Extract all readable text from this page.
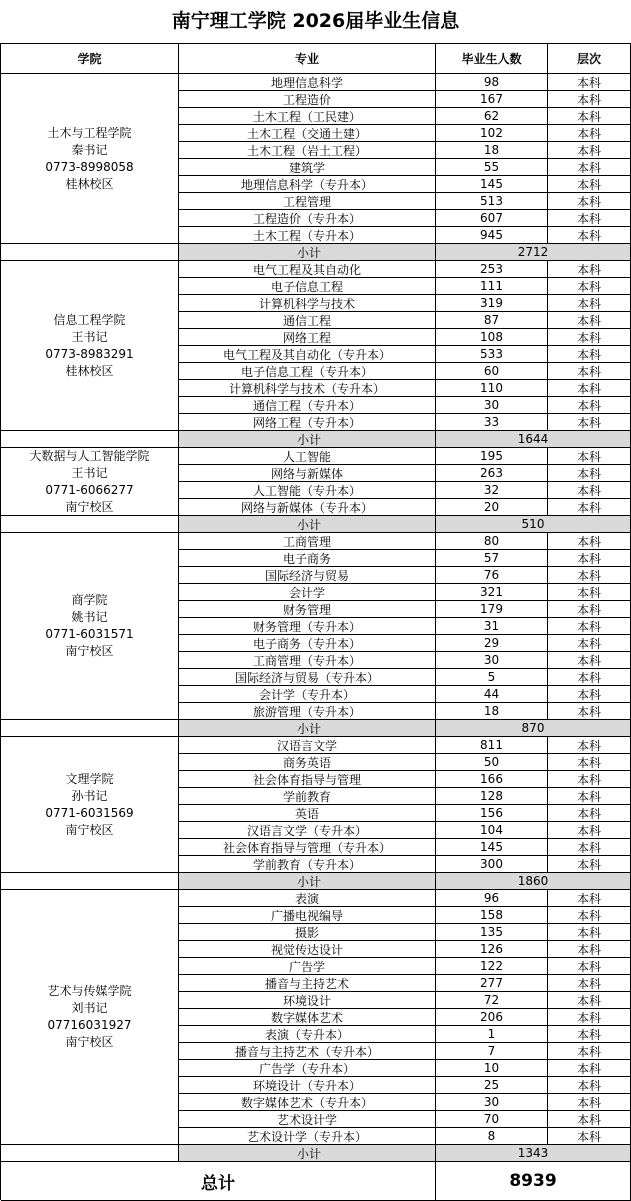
南宁理工学院 2026届毕业生信息
学院	专业	毕业生人数	层次
土木与工程学院
秦书记
0773-8998058
桂林校区
地理信息科学	98	本科
工程造价	167	本科
土木工程（工民建）	62	本科
土木工程（交通土建）	102	本科
土木工程（岩土工程）	18	本科
建筑学	55	本科
地理信息科学（专升本）	145	本科
工程管理	513	本科
工程造价（专升本）	607	本科
土木工程（专升本）	945	本科
小计	2712
信息工程学院
王书记
0773-8983291
桂林校区
电气工程及其自动化	253	本科
电子信息工程	111	本科
计算机科学与技术	319	本科
通信工程	87	本科
网络工程	108	本科
电气工程及其自动化（专升本）	533	本科
电子信息工程（专升本）	60	本科
计算机科学与技术（专升本）	110	本科
通信工程（专升本）	30	本科
网络工程（专升本）	33	本科
小计	1644
大数据与人工智能学院
王书记
0771-6066277
南宁校区
人工智能	195	本科
网络与新媒体	263	本科
人工智能（专升本）	32	本科
网络与新媒体（专升本）	20	本科
小计	510
商学院
姚书记
0771-6031571
南宁校区
工商管理	80	本科
电子商务	57	本科
国际经济与贸易	76	本科
会计学	321	本科
财务管理	179	本科
财务管理（专升本）	31	本科
电子商务（专升本）	29	本科
工商管理（专升本）	30	本科
国际经济与贸易（专升本）	5	本科
会计学（专升本）	44	本科
旅游管理（专升本）	18	本科
小计	870
文理学院
孙书记
0771-6031569
南宁校区
汉语言文学	811	本科
商务英语	50	本科
社会体育指导与管理	166	本科
学前教育	128	本科
英语	156	本科
汉语言文学（专升本）	104	本科
社会体育指导与管理（专升本）	145	本科
学前教育（专升本）	300	本科
小计	1860
艺术与传媒学院
刘书记
07716031927
南宁校区
表演	96	本科
广播电视编导	158	本科
摄影	135	本科
视觉传达设计	126	本科
广告学	122	本科
播音与主持艺术	277	本科
环境设计	72	本科
数字媒体艺术	206	本科
表演（专升本）	1	本科
播音与主持艺术（专升本）	7	本科
广告学（专升本）	10	本科
环境设计（专升本）	25	本科
数字媒体艺术（专升本）	30	本科
艺术设计学	70	本科
艺术设计学（专升本）	8	本科
小计	1343
总计	8939
